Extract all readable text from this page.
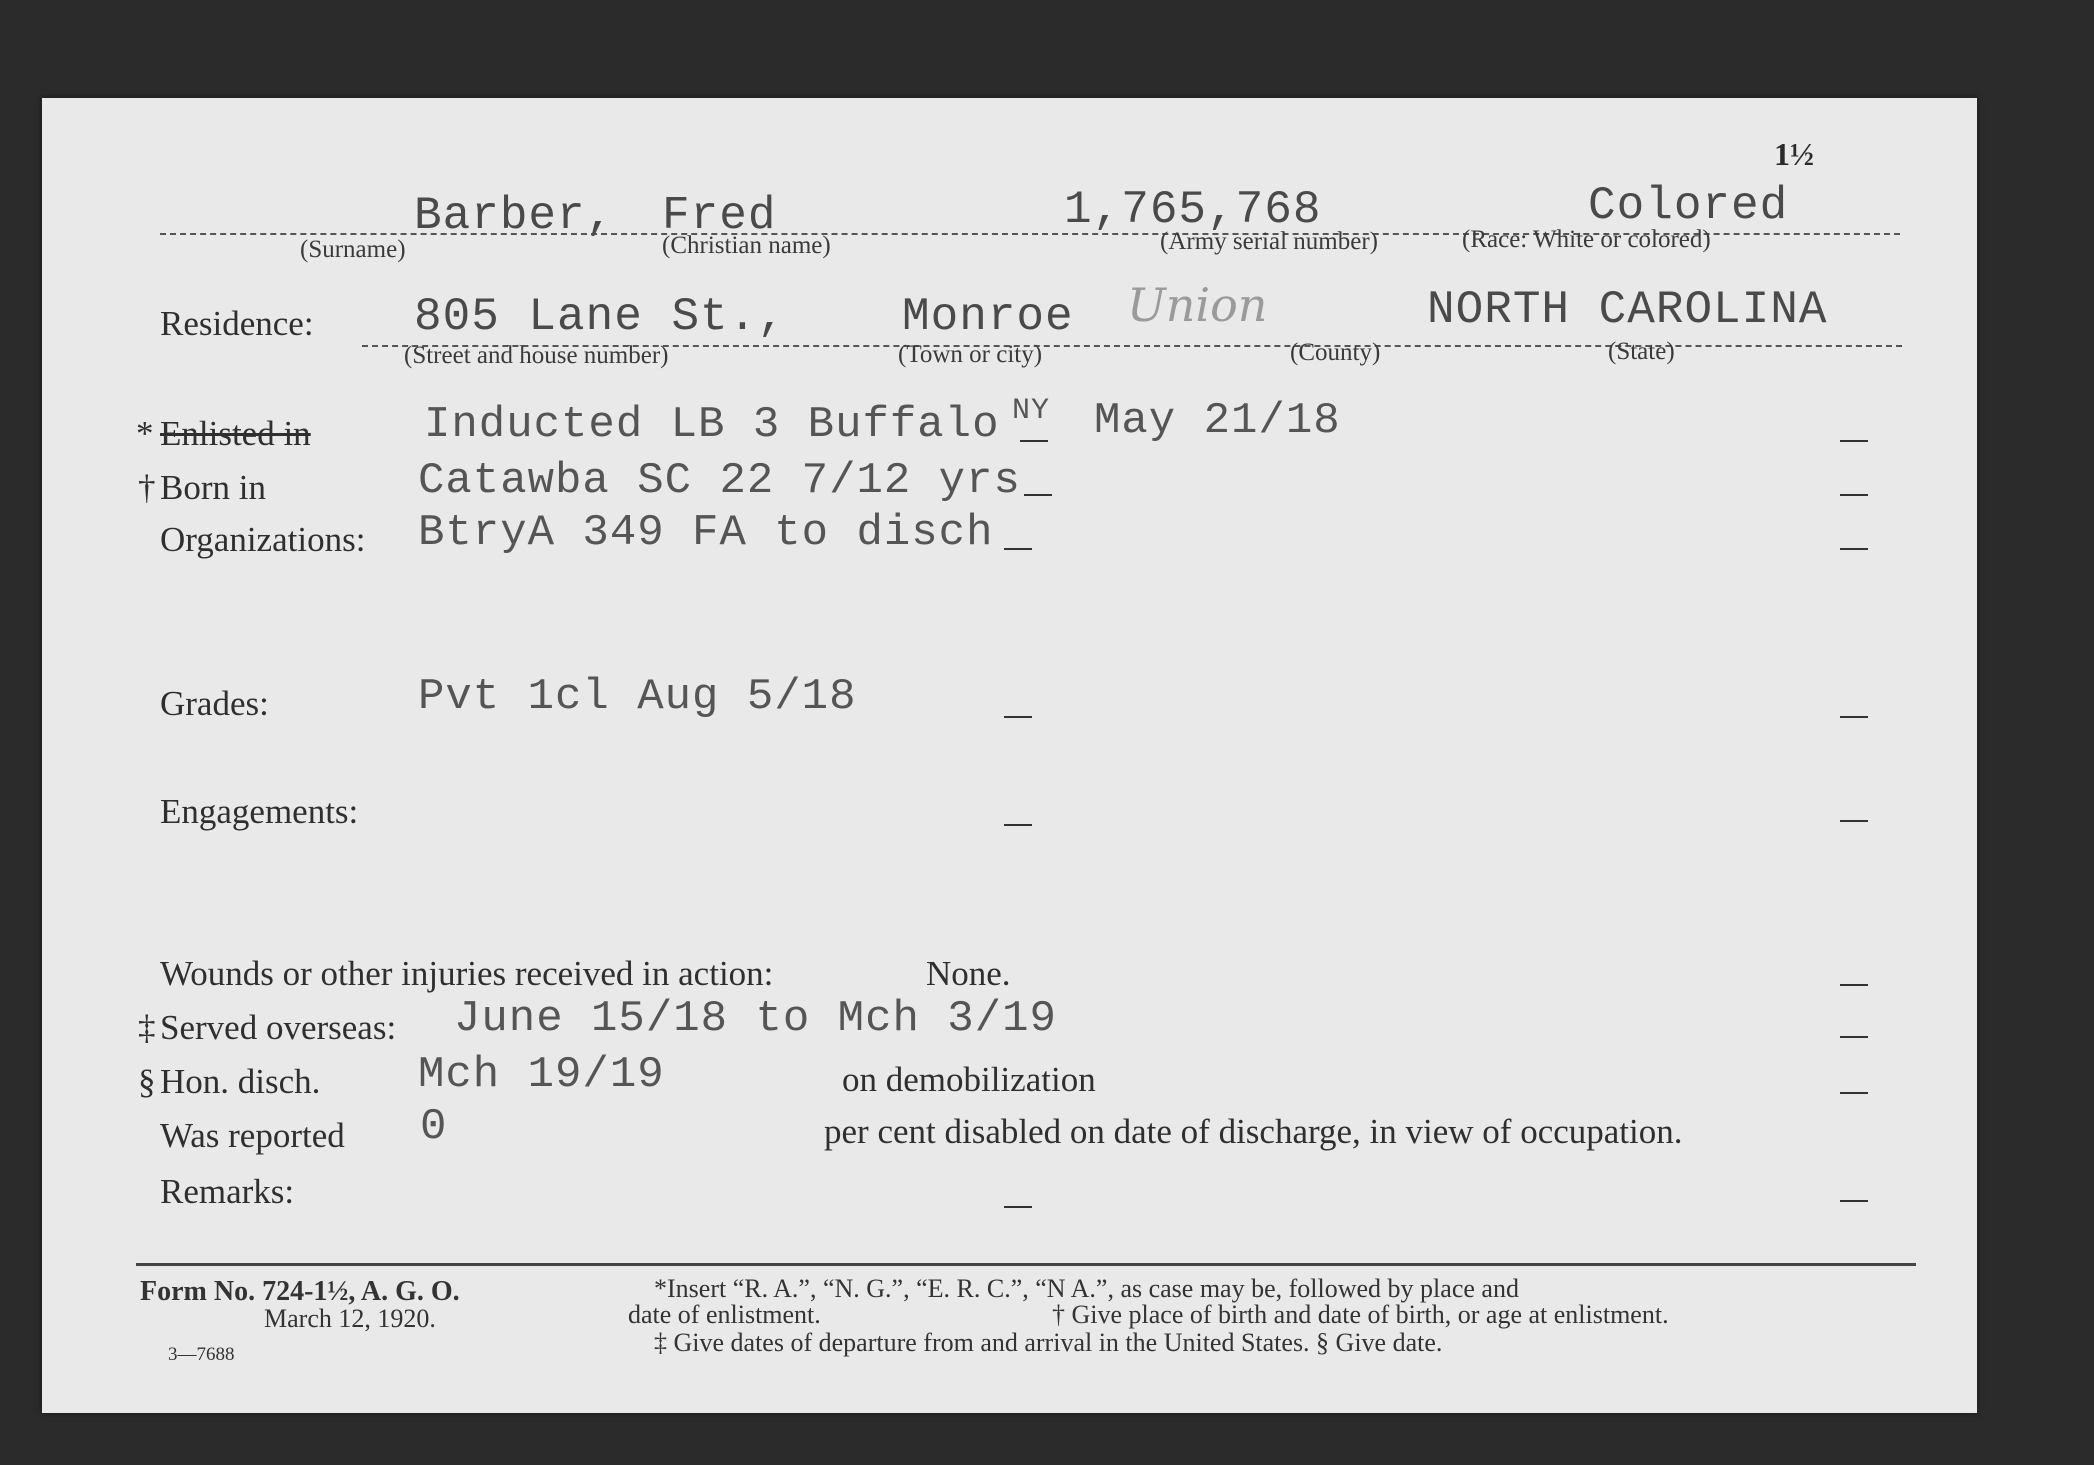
1½
Barber, Fred	1,765,768	Colored
(Surname)	(Christian name)	(Army serial number)	(Race: White or colored)
Residence: 805 Lane St.,	Monroe Union	NORTH CAROLINA
(Street and house number)	(Town or city)	(County)	(State)
* Enlisted in	Inducted LB 3 Buffalo NY May 21/18
† Born in	Catawba SC 22 7/12 yrs
Organizations: BtryA 349 FA to disch
Grades:	Pvt 1cl Aug 5/18
Engagements:
Wounds or other injuries received in action:	None.
‡ Served overseas: June 15/18 to Mch 3/19
§ Hon. disch. Mch 19/19	on demobilization
Was reported 0	per cent disabled on date of discharge, in view of occupation.
Remarks:
Form No. 724-1½, A. G. O.
March 12, 1920.
3—7688
*Insert “R. A.”, “N. G.”, “E. R. C.”, “N A.”, as case may be, followed by place and
date of enlistment.	† Give place of birth and date of birth, or age at enlistment.
‡ Give dates of departure from and arrival in the United States. § Give date.
